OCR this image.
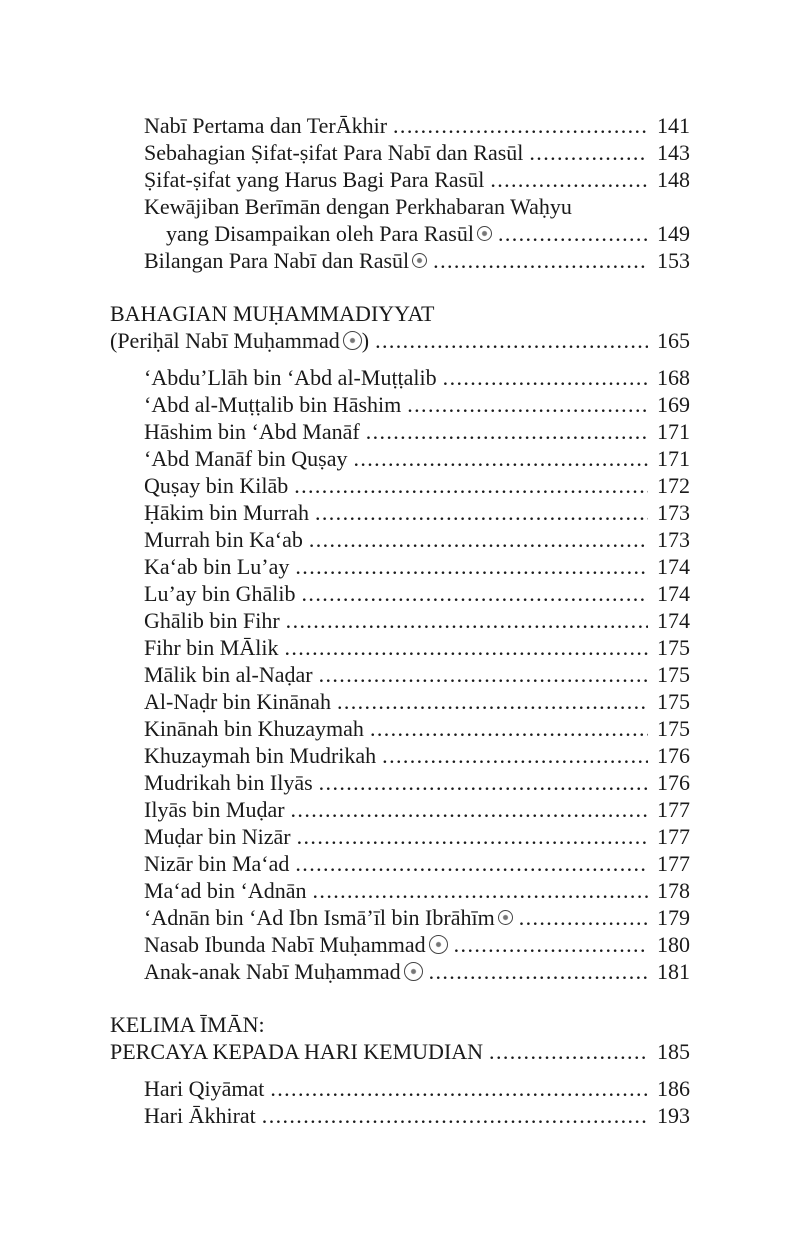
Nabī Pertama dan TerĀkhir .....	141
Sebahagian Ṣifat-ṣifat Para Nabī dan Rasūl .....	143
Ṣifat-ṣifat yang Harus Bagi Para Rasūl .....	148
Kewājiban Berīmān dengan Perkhabaran Waḥyu
yang Disampaikan oleh Para Rasūl .....	149
Bilangan Para Nabī dan Rasūl .....	153
BAHAGIAN MUḤAMMADIYYAT
(Periḥāl Nabī Muḥammad ) .....	165
‘Abdu’Llāh bin ‘Abd al-Muṭṭalib .....	168
‘Abd al-Muṭṭalib bin Hāshim .....	169
Hāshim bin ‘Abd Manāf .....	171
‘Abd Manāf bin Quṣay .....	171
Quṣay bin Kilāb .....	172
Ḥākim bin Murrah .....	173
Murrah bin Ka‘ab .....	173
Ka‘ab bin Lu’ay .....	174
Lu’ay bin Ghālib .....	174
Ghālib bin Fihr .....	174
Fihr bin MĀlik .....	175
Mālik bin al-Naḍar .....	175
Al-Naḍr bin Kinānah .....	175
Kinānah bin Khuzaymah .....	175
Khuzaymah bin Mudrikah .....	176
Mudrikah bin Ilyās .....	176
Ilyās bin Muḍar .....	177
Muḍar bin Nizār .....	177
Nizār bin Ma‘ad .....	177
Ma‘ad bin ‘Adnān .....	178
‘Adnān bin ‘Ad Ibn Ismā’īl bin Ibrāhīm .....	179
Nasab Ibunda Nabī Muḥammad .....	180
Anak-anak Nabī Muḥammad .....	181
KELIMA ĪMĀN:
PERCAYA KEPADA HARI KEMUDIAN .....	185
Hari Qiyāmat .....	186
Hari Ākhirat .....	193
